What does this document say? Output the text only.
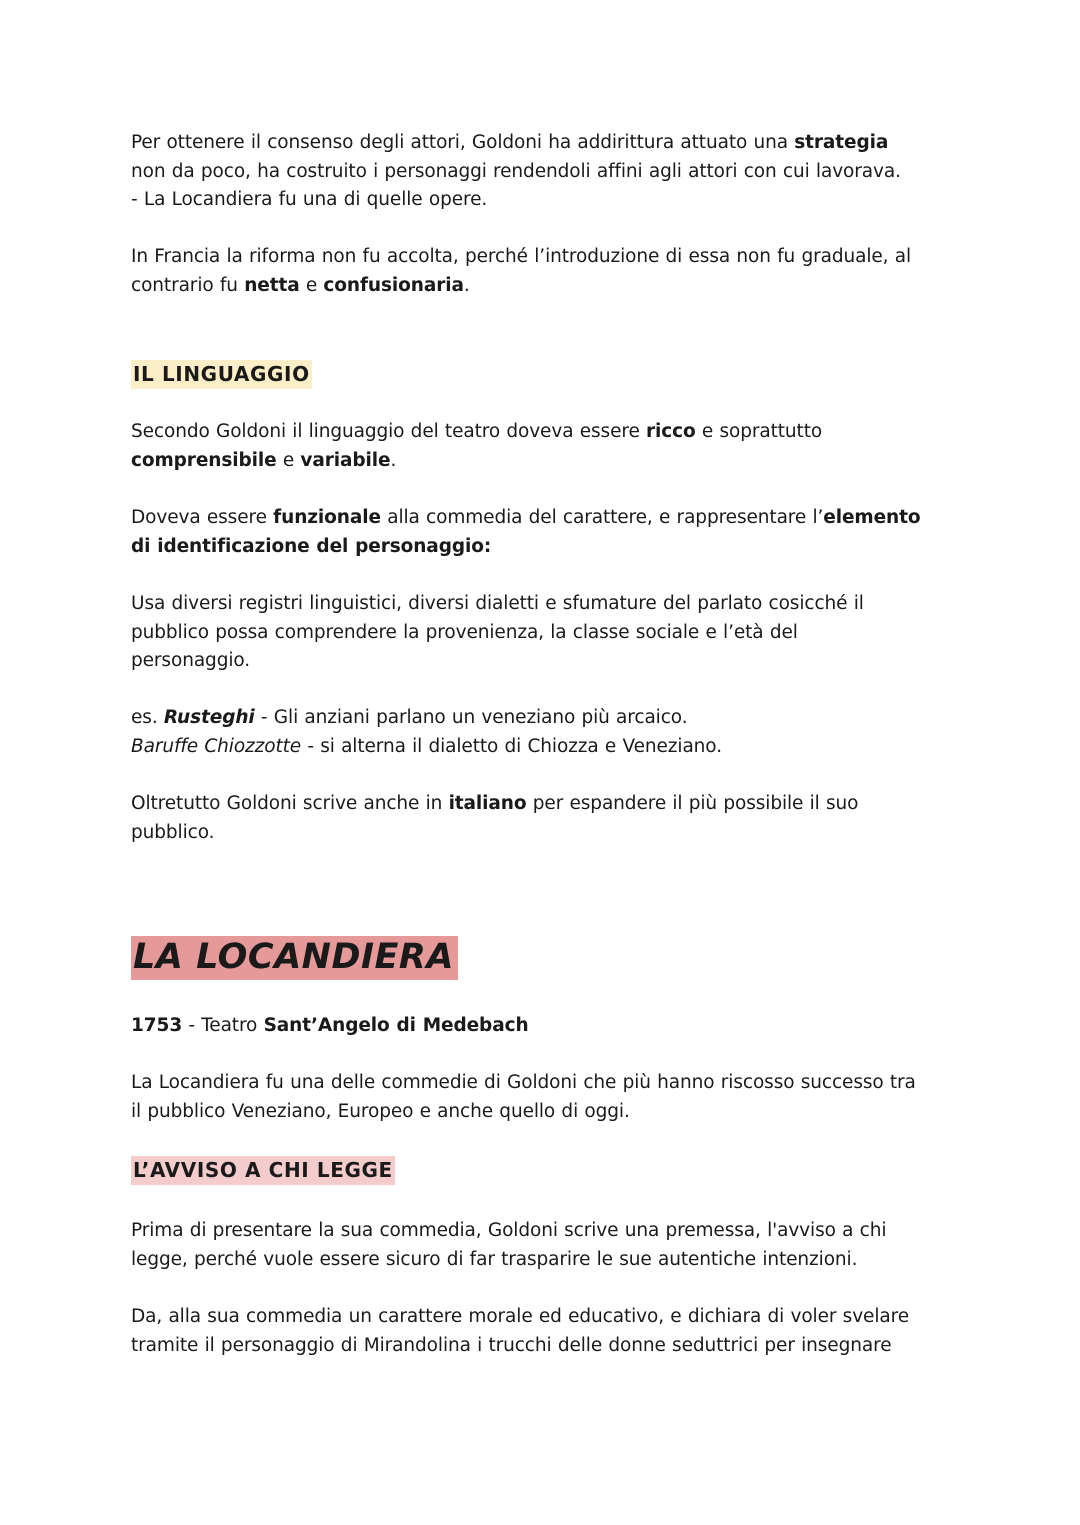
Per ottenere il consenso degli attori, Goldoni ha addirittura attuato una strategia
non da poco, ha costruito i personaggi rendendoli affini agli attori con cui lavorava.
- La Locandiera fu una di quelle opere.

In Francia la riforma non fu accolta, perché l’introduzione di essa non fu graduale, al
contrario fu netta e confusionaria.

IL LINGUAGGIO

Secondo Goldoni il linguaggio del teatro doveva essere ricco e soprattutto
comprensibile e variabile.

Doveva essere funzionale alla commedia del carattere, e rappresentare l’elemento
di identificazione del personaggio:

Usa diversi registri linguistici, diversi dialetti e sfumature del parlato cosicché il
pubblico possa comprendere la provenienza, la classe sociale e l’età del
personaggio.

es. Rusteghi - Gli anziani parlano un veneziano più arcaico.
Baruffe Chiozzotte - si alterna il dialetto di Chiozza e Veneziano.

Oltretutto Goldoni scrive anche in italiano per espandere il più possibile il suo
pubblico.

LA LOCANDIERA

1753 - Teatro Sant’Angelo di Medebach

La Locandiera fu una delle commedie di Goldoni che più hanno riscosso successo tra
il pubblico Veneziano, Europeo e anche quello di oggi.

L’AVVISO A CHI LEGGE

Prima di presentare la sua commedia, Goldoni scrive una premessa, l'avviso a chi
legge, perché vuole essere sicuro di far trasparire le sue autentiche intenzioni.

Da, alla sua commedia un carattere morale ed educativo, e dichiara di voler svelare
tramite il personaggio di Mirandolina i trucchi delle donne seduttrici per insegnare
